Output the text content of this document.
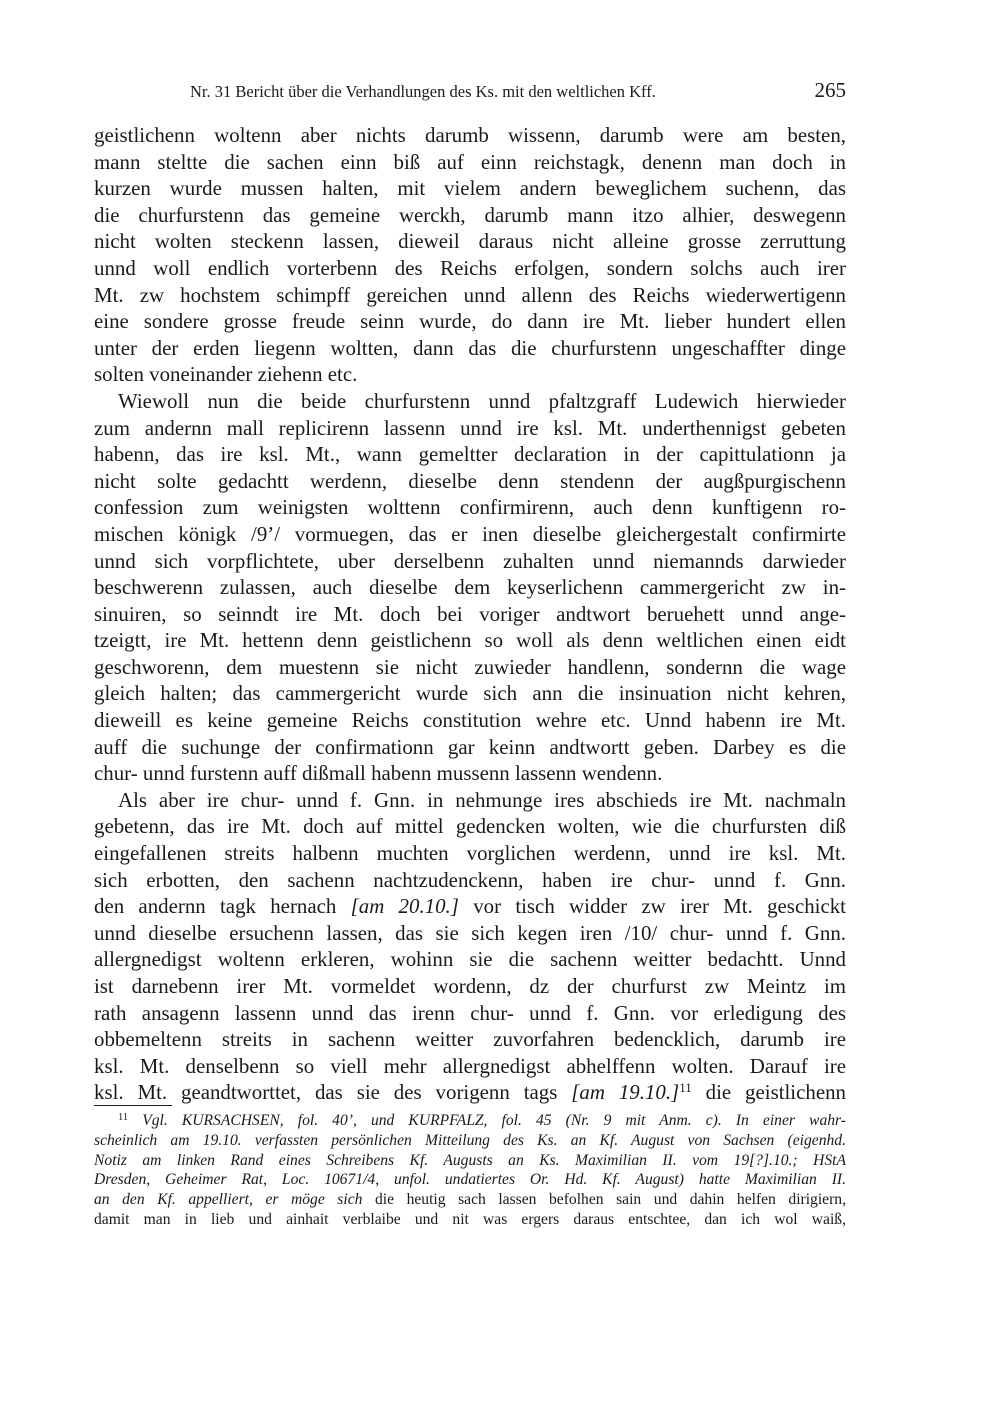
Nr. 31 Bericht über die Verhandlungen des Ks. mit den weltlichen Kff.	265
geistlichenn woltenn aber nichts darumb wissenn, darumb were am besten,
mann steltte die sachen einn biß auf einn reichstagk, denenn man doch in
kurzen wurde mussen halten, mit vielem andern beweglichem suchenn, das
die churfurstenn das gemeine werckh, darumb mann itzo alhier, deswegenn
nicht wolten steckenn lassen, dieweil daraus nicht alleine grosse zerruttung
unnd woll endlich vorterbenn des Reichs erfolgen, sondern solchs auch irer
Mt. zw hochstem schimpff gereichen unnd allenn des Reichs wiederwertigenn
eine sondere grosse freude seinn wurde, do dann ire Mt. lieber hundert ellen
unter der erden liegenn woltten, dann das die churfurstenn ungeschaffter dinge
solten voneinander ziehenn etc.
Wiewoll nun die beide churfurstenn unnd pfaltzgraff Ludewich hierwieder
zum andernn mall replicirenn lassenn unnd ire ksl. Mt. underthennigst gebeten
habenn, das ire ksl. Mt., wann gemeltter declaration in der capittulationn ja
nicht solte gedachtt werdenn, dieselbe denn stendenn der augßpurgischenn
confession zum weinigsten wolttenn confirmirenn, auch denn kunftigenn ro-
mischen königk /9’/ vormuegen, das er inen dieselbe gleichergestalt confirmirte
unnd sich vorpflichtete, uber derselbenn zuhalten unnd niemannds darwieder
beschwerenn zulassen, auch dieselbe dem keyserlichenn cammergericht zw in-
sinuiren, so seinndt ire Mt. doch bei voriger andtwort beruehett unnd ange-
tzeigtt, ire Mt. hettenn denn geistlichenn so woll als denn weltlichen einen eidt
geschworenn, dem muestenn sie nicht zuwieder handlenn, sondernn die wage
gleich halten; das cammergericht wurde sich ann die insinuation nicht kehren,
dieweill es keine gemeine Reichs constitution wehre etc. Unnd habenn ire Mt.
auff die suchunge der confirmationn gar keinn andtwortt geben. Darbey es die
chur- unnd furstenn auff dißmall habenn mussenn lassenn wendenn.
Als aber ire chur- unnd f. Gnn. in nehmunge ires abschieds ire Mt. nachmaln
gebetenn, das ire Mt. doch auf mittel gedencken wolten, wie die churfursten diß
eingefallenen streits halbenn muchten vorglichen werdenn, unnd ire ksl. Mt.
sich erbotten, den sachenn nachtzudenckenn, haben ire chur- unnd f. Gnn.
den andernn tagk hernach [am 20.10.] vor tisch widder zw irer Mt. geschickt
unnd dieselbe ersuchenn lassen, das sie sich kegen iren /10/ chur- unnd f. Gnn.
allergnedigst woltenn erkleren, wohinn sie die sachenn weitter bedachtt. Unnd
ist darnebenn irer Mt. vormeldet wordenn, dz der churfurst zw Meintz im
rath ansagenn lassenn unnd das irenn chur- unnd f. Gnn. vor erledigung des
obbemeltenn streits in sachenn weitter zuvorfahren bedencklich, darumb ire
ksl. Mt. denselbenn so viell mehr allergnedigst abhelffenn wolten. Darauf ire
ksl. Mt. geandtworttet, das sie des vorigenn tags [am 19.10.]$^{11}$ die geistlichenn
$^{11}$ Vgl. KURSACHSEN, fol. 40’, und KURPFALZ, fol. 45 (Nr. 9 mit Anm. c). In einer wahr-
scheinlich am 19.10. verfassten persönlichen Mitteilung des Ks. an Kf. August von Sachsen (eigenhd.
Notiz am linken Rand eines Schreibens Kf. Augusts an Ks. Maximilian II. vom 19[?].10.; HStA
Dresden, Geheimer Rat, Loc. 10671/4, unfol. undatiertes Or. Hd. Kf. August) hatte Maximilian II.
an den Kf. appelliert, er möge sich die heutig sach lassen befolhen sain und dahin helfen dirigiern,
damit man in lieb und ainhait verblaibe und nit was ergers daraus entschtee, dan ich wol waiß,
